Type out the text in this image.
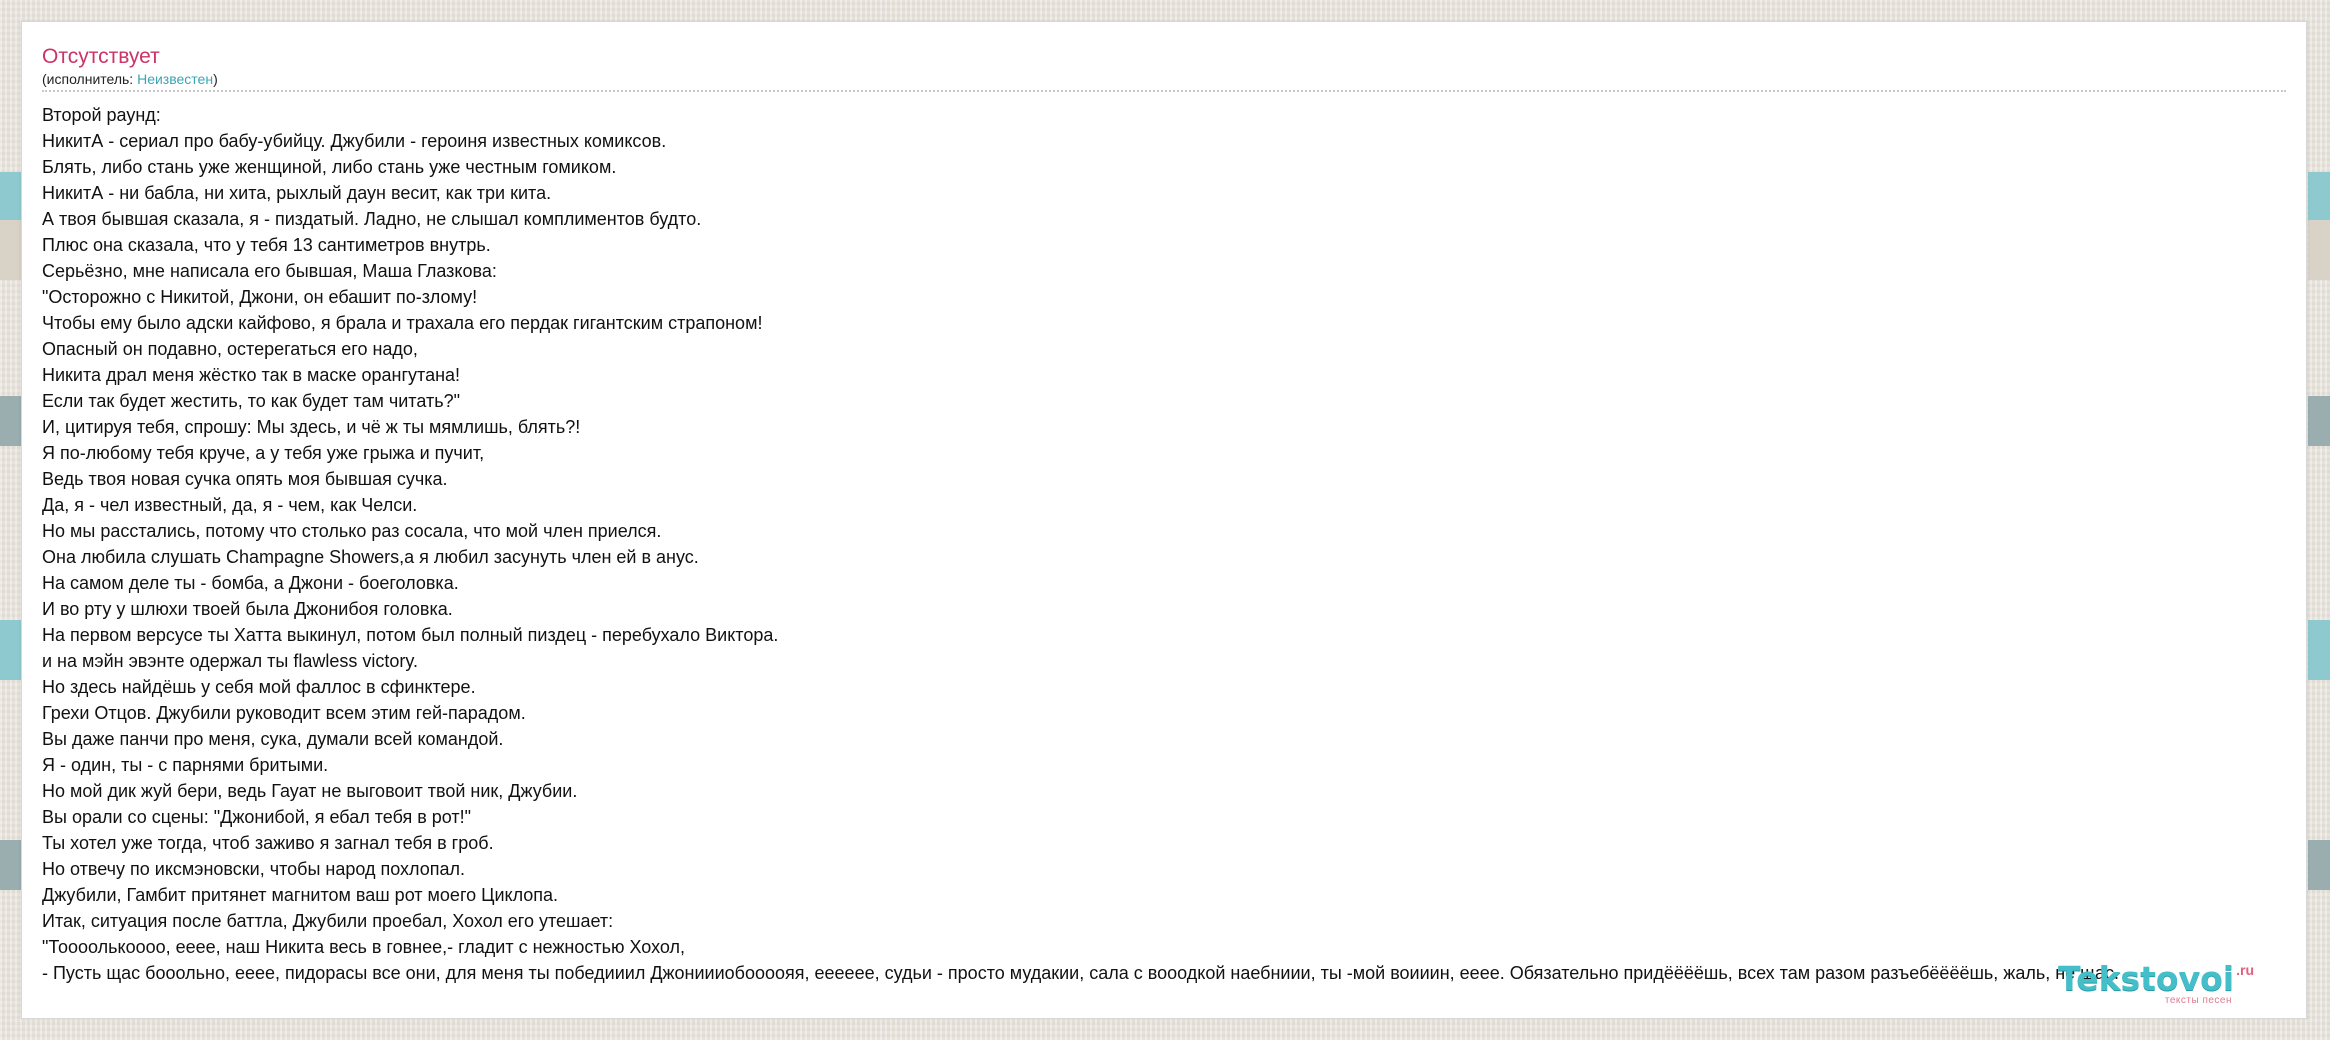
Отсутствует
(исполнитель: Неизвестен)
Второй раунд:
НикитА - сериал про бабу-убийцу. Джубили - героиня известных комиксов.
Блять, либо стань уже женщиной, либо стань уже честным гомиком.
НикитА - ни бабла, ни хита, рыхлый даун весит, как три кита.
А твоя бывшая сказала, я - пиздатый. Ладно, не слышал комплиментов будто.
Плюс она сказала, что у тебя 13 сантиметров внутрь.
Серьёзно, мне написала его бывшая, Маша Глазкова:
"Осторожно с Никитой, Джони, он ебашит по-злому!
Чтобы ему было адски кайфово, я брала и трахала его пердак гигантским страпоном!
Опасный он подавно, остерегаться его надо,
Никита драл меня жёстко так в маске орангутана!
Если так будет жестить, то как будет там читать?"
И, цитируя тебя, спрошу: Мы здесь, и чё ж ты мямлишь, блять?!
Я по-любому тебя круче, а у тебя уже грыжа и пучит,
Ведь твоя новая сучка опять моя бывшая сучка.
Да, я - чел известный, да, я - чем, как Челси.
Но мы расстались, потому что столько раз сосала, что мой член приелся.
Она любила слушать Champagne Showers,а я любил засунуть член ей в анус.
На самом деле ты - бомба, а Джони - боеголовка.
И во рту у шлюхи твоей была Джонибоя головка.
На первом версусе ты Хатта выкинул, потом был полный пиздец - перебухало Виктора.
и на мэйн эвэнте одержал ты flawless victory.
Но здесь найдёшь у себя мой фаллос в сфинктере.
Грехи Отцов. Джубили руководит всем этим гей-парадом.
Вы даже панчи про меня, сука, думали всей командой.
Я - один, ты - с парнями бритыми.
Но мой дик жуй бери, ведь Гауат не выговоит твой ник, Джубии.
Вы орали со сцены: "Джонибой, я ебал тебя в рот!"
Ты хотел уже тогда, чтоб заживо я загнал тебя в гроб.
Но отвечу по иксмэновски, чтобы народ похлопал.
Джубили, Гамбит притянет магнитом ваш рот моего Циклопа.
Итак, ситуация после баттла, Джубили проебал, Хохол его утешает:
"Тоооолькоооо, ееее, наш Никита весь в говнее,- гладит с нежностью Хохол,
- Пусть щас бооольно, ееее, пидорасы все они, для меня ты победииил Джониииобоооояя, ееееее, судьи - просто мудакии, сала с вооодкой наебниии, ты -мой воииин, ееее. Обязательно придёёёёшь, всех там разом разъебёёёёшь, жаль, не щас.
Tekstovoi .ru
тексты песен
